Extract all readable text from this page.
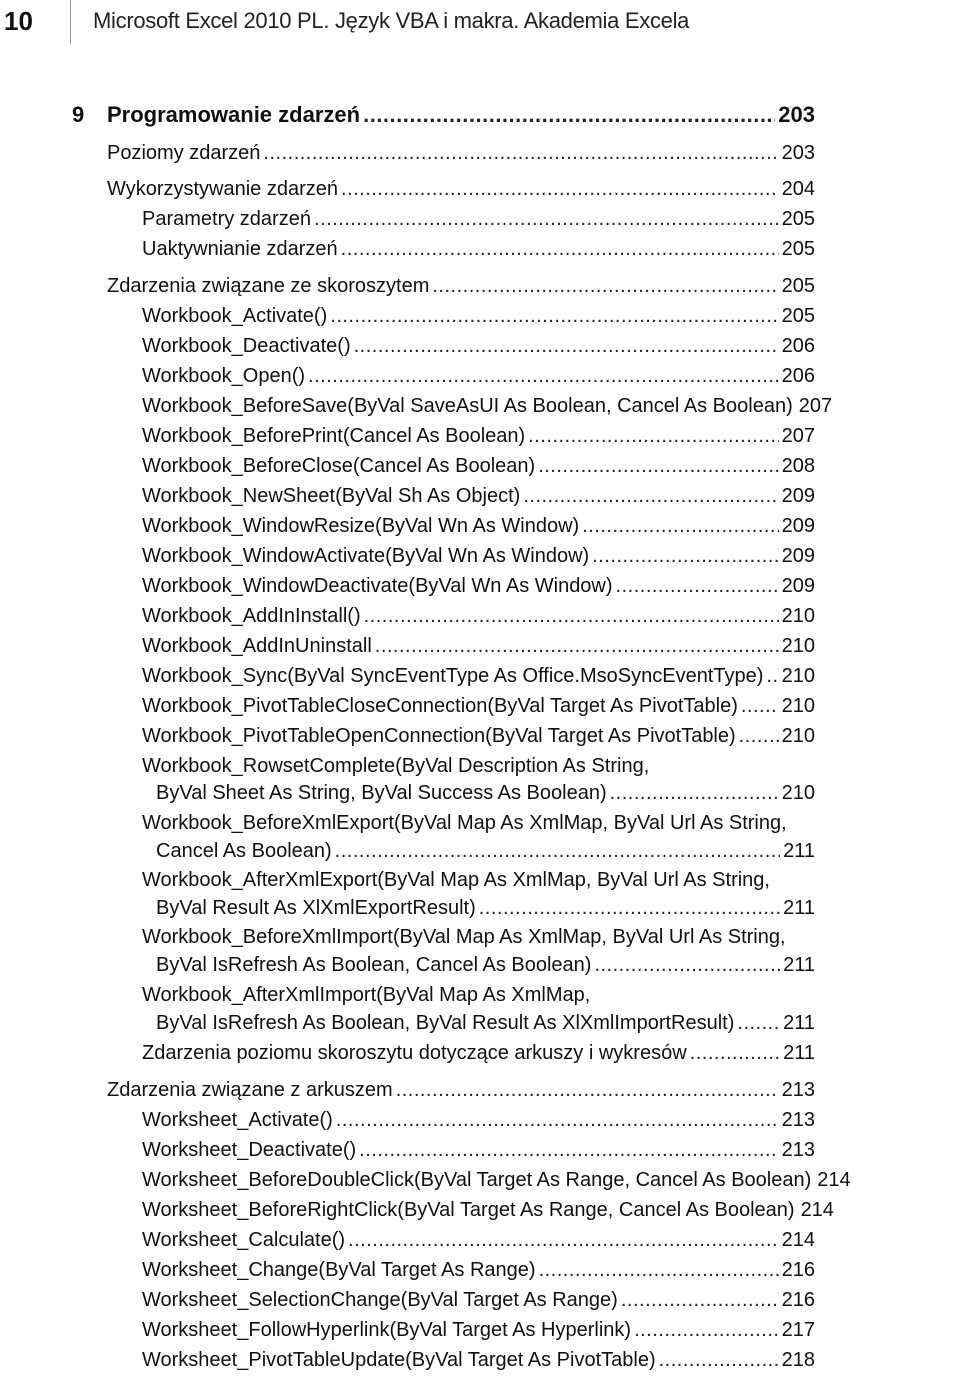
10	Microsoft Excel 2010 PL. Język VBA i makra. Akademia Excela
9 Programowanie zdarzeń .....	203
Poziomy zdarzeń .....	203
Wykorzystywanie zdarzeń .....	204
Parametry zdarzeń .....	205
Uaktywnianie zdarzeń .....	205
Zdarzenia związane ze skoroszytem .....	205
Workbook_Activate() .....	205
Workbook_Deactivate() .....	206
Workbook_Open() .....	206
Workbook_BeforeSave(ByVal SaveAsUI As Boolean, Cancel As Boolean) 207
Workbook_BeforePrint(Cancel As Boolean) .....	207
Workbook_BeforeClose(Cancel As Boolean) .....	208
Workbook_NewSheet(ByVal Sh As Object) .....	209
Workbook_WindowResize(ByVal Wn As Window) .....	209
Workbook_WindowActivate(ByVal Wn As Window) .....	209
Workbook_WindowDeactivate(ByVal Wn As Window) .....	209
Workbook_AddInInstall() .....	210
Workbook_AddInUninstall .....	210
Workbook_Sync(ByVal SyncEventType As Office.MsoSyncEventType) ..... 210
Workbook_PivotTableCloseConnection(ByVal Target As PivotTable) ..... 210
Workbook_PivotTableOpenConnection(ByVal Target As PivotTable) ..... 210
Workbook_RowsetComplete(ByVal Description As String,
ByVal Sheet As String, ByVal Success As Boolean) .....	210
Workbook_BeforeXmlExport(ByVal Map As XmlMap, ByVal Url As String,
Cancel As Boolean) .....	211
Workbook_AfterXmlExport(ByVal Map As XmlMap, ByVal Url As String,
ByVal Result As XlXmlExportResult) .....	211
Workbook_BeforeXmlImport(ByVal Map As XmlMap, ByVal Url As String,
ByVal IsRefresh As Boolean, Cancel As Boolean) .....	211
Workbook_AfterXmlImport(ByVal Map As XmlMap,
ByVal IsRefresh As Boolean, ByVal Result As XlXmlImportResult) ..... 211
Zdarzenia poziomu skoroszytu dotyczące arkuszy i wykresów .....	211
Zdarzenia związane z arkuszem .....	213
Worksheet_Activate() .....	213
Worksheet_Deactivate() .....	213
Worksheet_BeforeDoubleClick(ByVal Target As Range, Cancel As Boolean) 214
Worksheet_BeforeRightClick(ByVal Target As Range, Cancel As Boolean) 214
Worksheet_Calculate() .....	214
Worksheet_Change(ByVal Target As Range) .....	216
Worksheet_SelectionChange(ByVal Target As Range) .....	216
Worksheet_FollowHyperlink(ByVal Target As Hyperlink) .....	217
Worksheet_PivotTableUpdate(ByVal Target As PivotTable) .....	218
